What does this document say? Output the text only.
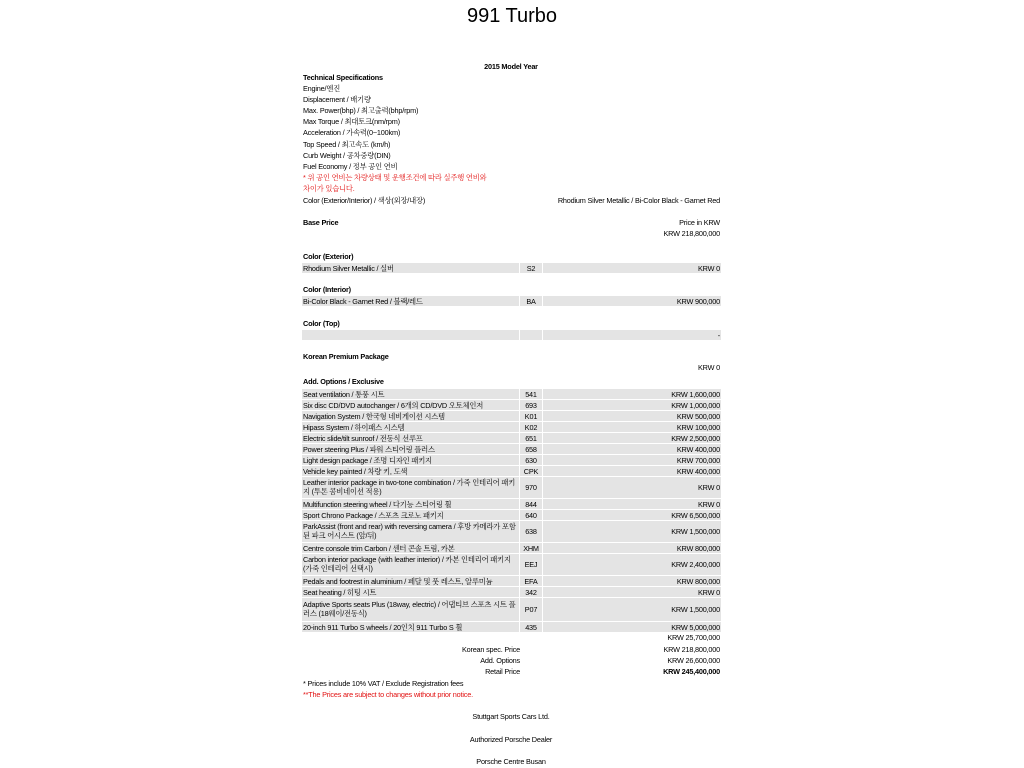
991 Turbo
2015 Model Year
Technical Specifications
Engine/엔진
Displacement / 배기량
Max. Power(bhp) / 최고출력(bhp/rpm)
Max Torque / 최대토크(nm/rpm)
Acceleration / 가속력(0~100km)
Top Speed / 최고속도 (km/h)
Curb Weight / 공차중량(DIN)
Fuel Economy / 정부 공인 연비
* 위 공인 연비는 차량상태 및 운행조건에 따라 실주행 연비와
차이가 있습니다.
Color (Exterior/Interior) / 색상(외장/내장)	Rhodium Silver Metallic / Bi-Color Black - Garnet Red
Base Price	Price in KRW
KRW 218,800,000
Color (Exterior)
Rhodium Silver Metallic / 실버	S2	KRW 0
Color (Interior)
Bi-Color Black - Garnet Red / 블랙/레드	BA	KRW 900,000
Color (Top)
-
Korean Premium Package
KRW 0
Add. Options / Exclusive
Seat ventilation / 통풍 시트	541	KRW 1,600,000
Six disc CD/DVD autochanger / 6개의 CD/DVD 오토체인저	693	KRW 1,000,000
Navigation System / 한국형 네비게이션 시스템	K01	KRW 500,000
Hipass System / 하이패스 시스템	K02	KRW 100,000
Electric slide/tilt sunroof / 전동식 선루프	651	KRW 2,500,000
Power steering Plus / 파워 스티어링 플러스	658	KRW 400,000
Light design package / 조명 디자인 패키지	630	KRW 700,000
Vehicle key painted / 차량 키, 도색	CPK	KRW 400,000
Leather interior package in two-tone combination / 가죽 인테리어 패키지 (투톤 콤비네이션 적용)	970	KRW 0
Multifunction steering wheel / 다기능 스티어링 휠	844	KRW 0
Sport Chrono Package / 스포츠 크로노 패키지	640	KRW 6,500,000
ParkAssist (front and rear) with reversing camera / 후방 카메라가 포함된 파크 어시스트 (앞/뒤)	638	KRW 1,500,000
Centre console trim Carbon / 센터 콘솔 트림, 카본	XHM	KRW 800,000
Carbon interior package (with leather interior) / 카본 인테리어 패키지 (가죽 인테리어 선택시)	EEJ	KRW 2,400,000
Pedals and footrest in aluminium / 페달 및 풋 레스트, 알루미늄	EFA	KRW 800,000
Seat heating / 히팅 시트	342	KRW 0
Adaptive Sports seats Plus (18way, electric) / 어댑티브 스포츠 시트 플러스 (18웨이/전동식)	P07	KRW 1,500,000
20-inch 911 Turbo S wheels / 20인치 911 Turbo S 휠	435	KRW 5,000,000
KRW 25,700,000
Korean spec. Price	KRW 218,800,000
Add. Options	KRW 26,600,000
Retail Price	KRW 245,400,000
* Prices include 10% VAT / Exclude Registration fees
**The Prices are subject to changes without prior notice.
Stuttgart Sports Cars Ltd.
Authorized Porsche Dealer
Porsche Centre Busan
